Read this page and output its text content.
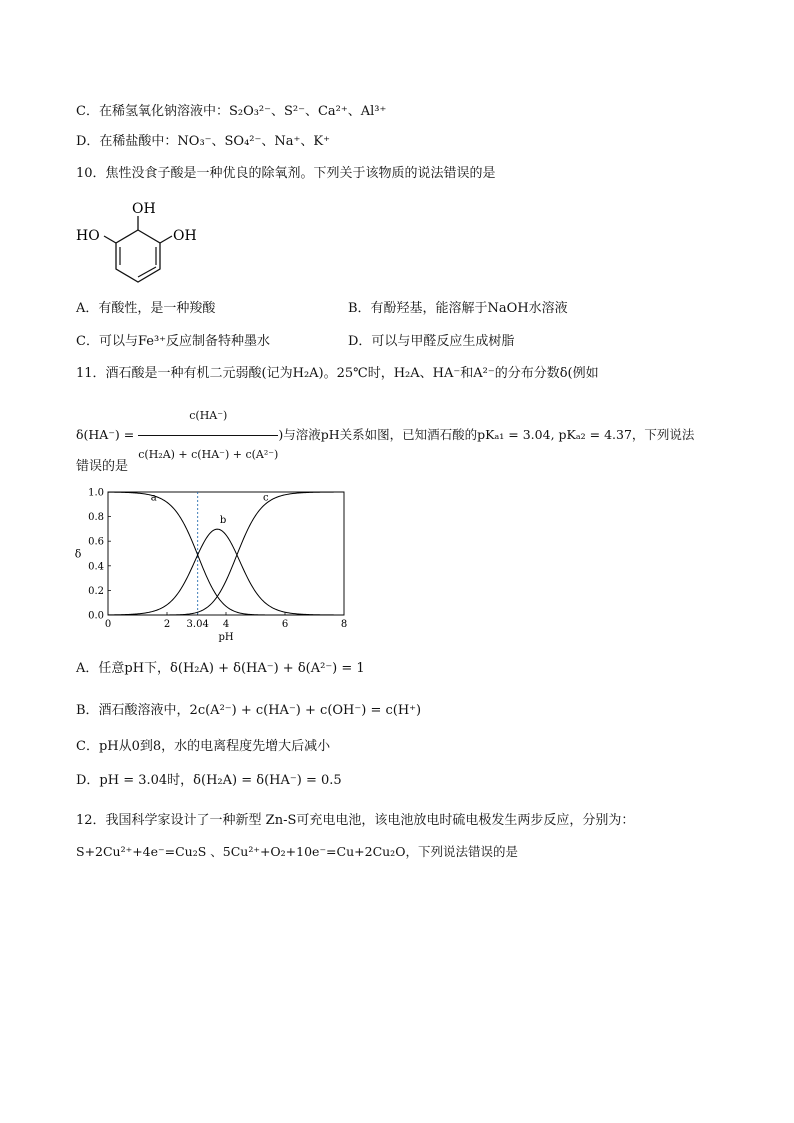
C．在稀氢氧化钠溶液中：S₂O₃²⁻、S²⁻、Ca²⁺、Al³⁺
D．在稀盐酸中：NO₃⁻、SO₄²⁻、Na⁺、K⁺
10．焦性没食子酸是一种优良的除氧剂。下列关于该物质的说法错误的是
OH
HO	OH
A．有酸性，是一种羧酸	B．有酚羟基，能溶解于NaOH水溶液
C．可以与Fe³⁺反应制备特种墨水	D．可以与甲醛反应生成树脂
11．酒石酸是一种有机二元弱酸(记为H₂A)。25℃时，H₂A、HA⁻和A²⁻的分布分数δ(例如
$\delta(HA^-) = \frac{c(HA^-)}{\text{c(H₂A) + c(HA⁻) + c(A²⁻)}}$ )与溶液pH关系如图，已知酒石酸的pKₐ₁ = 3.04, pKₐ₂ = 4.37，下列说法
错误的是
0	2 3.04 4	6	8
0.0
0.2
0.4
0.6
0.8
1.0
pH
δ
a
b
c
A．任意pH下，δ(H₂A) + δ(HA⁻) + δ(A²⁻) = 1
B．酒石酸溶液中，2c(A²⁻) + c(HA⁻) + c(OH⁻) = c(H⁺)
C．pH从0到8，水的电离程度先增大后减小
D．pH = 3.04时，δ(H₂A) = δ(HA⁻) = 0.5
12．我国科学家设计了一种新型 Zn-S可充电电池，该电池放电时硫电极发生两步反应，分别为：
S+2Cu²⁺+4e⁻=Cu₂S 、5Cu²⁺+O₂+10e⁻=Cu+2Cu₂O，下列说法错误的是
